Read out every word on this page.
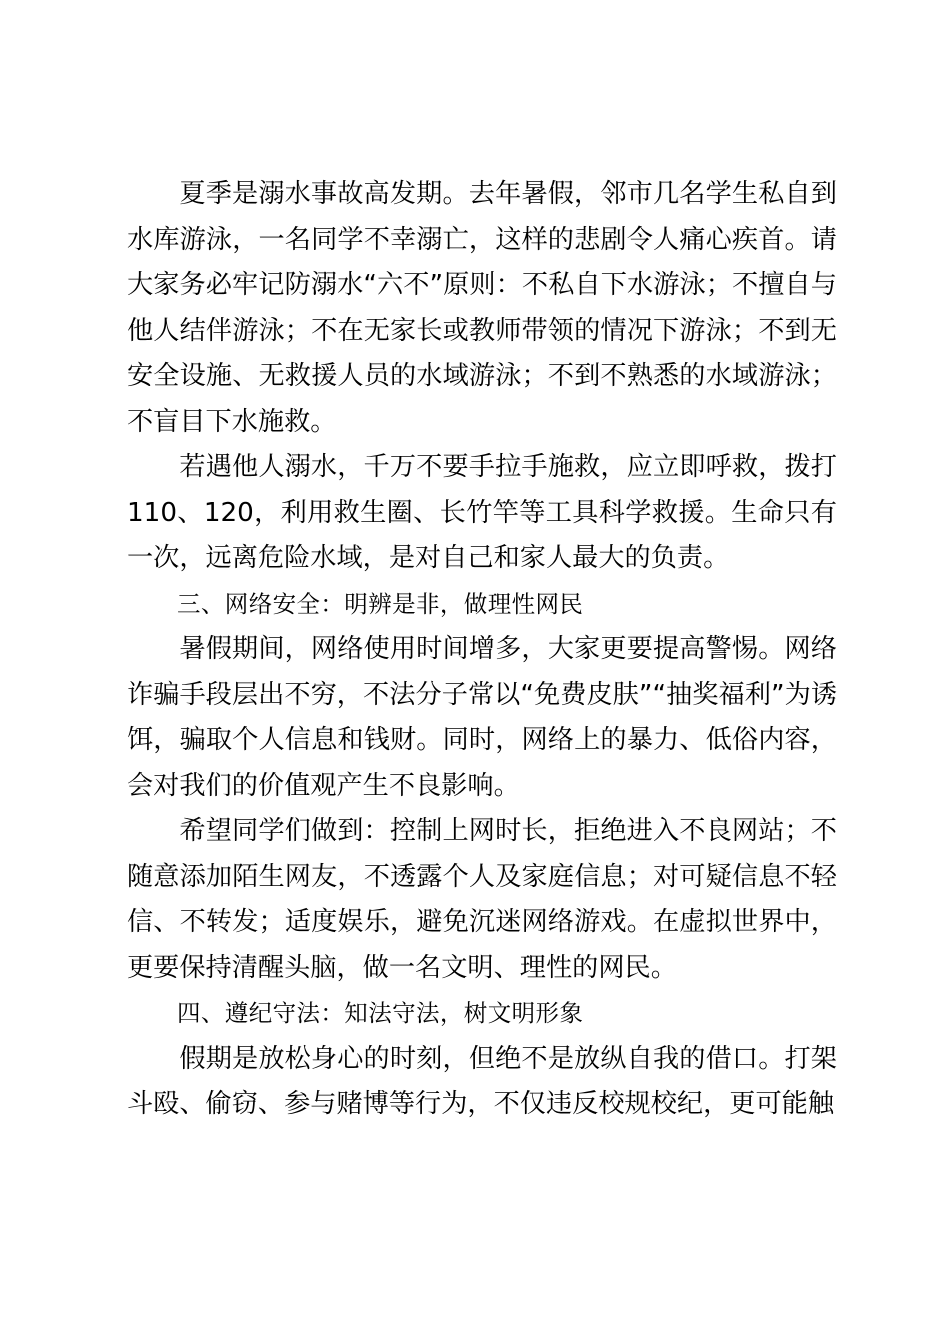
夏季是溺水事故高发期。去年暑假，邻市几名学生私自到水库游泳，一名同学不幸溺亡，这样的悲剧令人痛心疾首。请大家务必牢记防溺水“六不”原则：不私自下水游泳；不擅自与他人结伴游泳；不在无家长或教师带领的情况下游泳；不到无安全设施、无救援人员的水域游泳；不到不熟悉的水域游泳；不盲目下水施救。

若遇他人溺水，千万不要手拉手施救，应立即呼救，拨打110、120，利用救生圈、长竹竿等工具科学救援。生命只有一次，远离危险水域，是对自己和家人最大的负责。

三、网络安全：明辨是非，做理性网民

暑假期间，网络使用时间增多，大家更要提高警惕。网络诈骗手段层出不穷，不法分子常以“免费皮肤”“抽奖福利”为诱饵，骗取个人信息和钱财。同时，网络上的暴力、低俗内容，会对我们的价值观产生不良影响。

希望同学们做到：控制上网时长，拒绝进入不良网站；不随意添加陌生网友，不透露个人及家庭信息；对可疑信息不轻信、不转发；适度娱乐，避免沉迷网络游戏。在虚拟世界中，更要保持清醒头脑，做一名文明、理性的网民。

四、遵纪守法：知法守法，树文明形象

假期是放松身心的时刻，但绝不是放纵自我的借口。打架斗殴、偷窃、参与赌博等行为，不仅违反校规校纪，更可能触
